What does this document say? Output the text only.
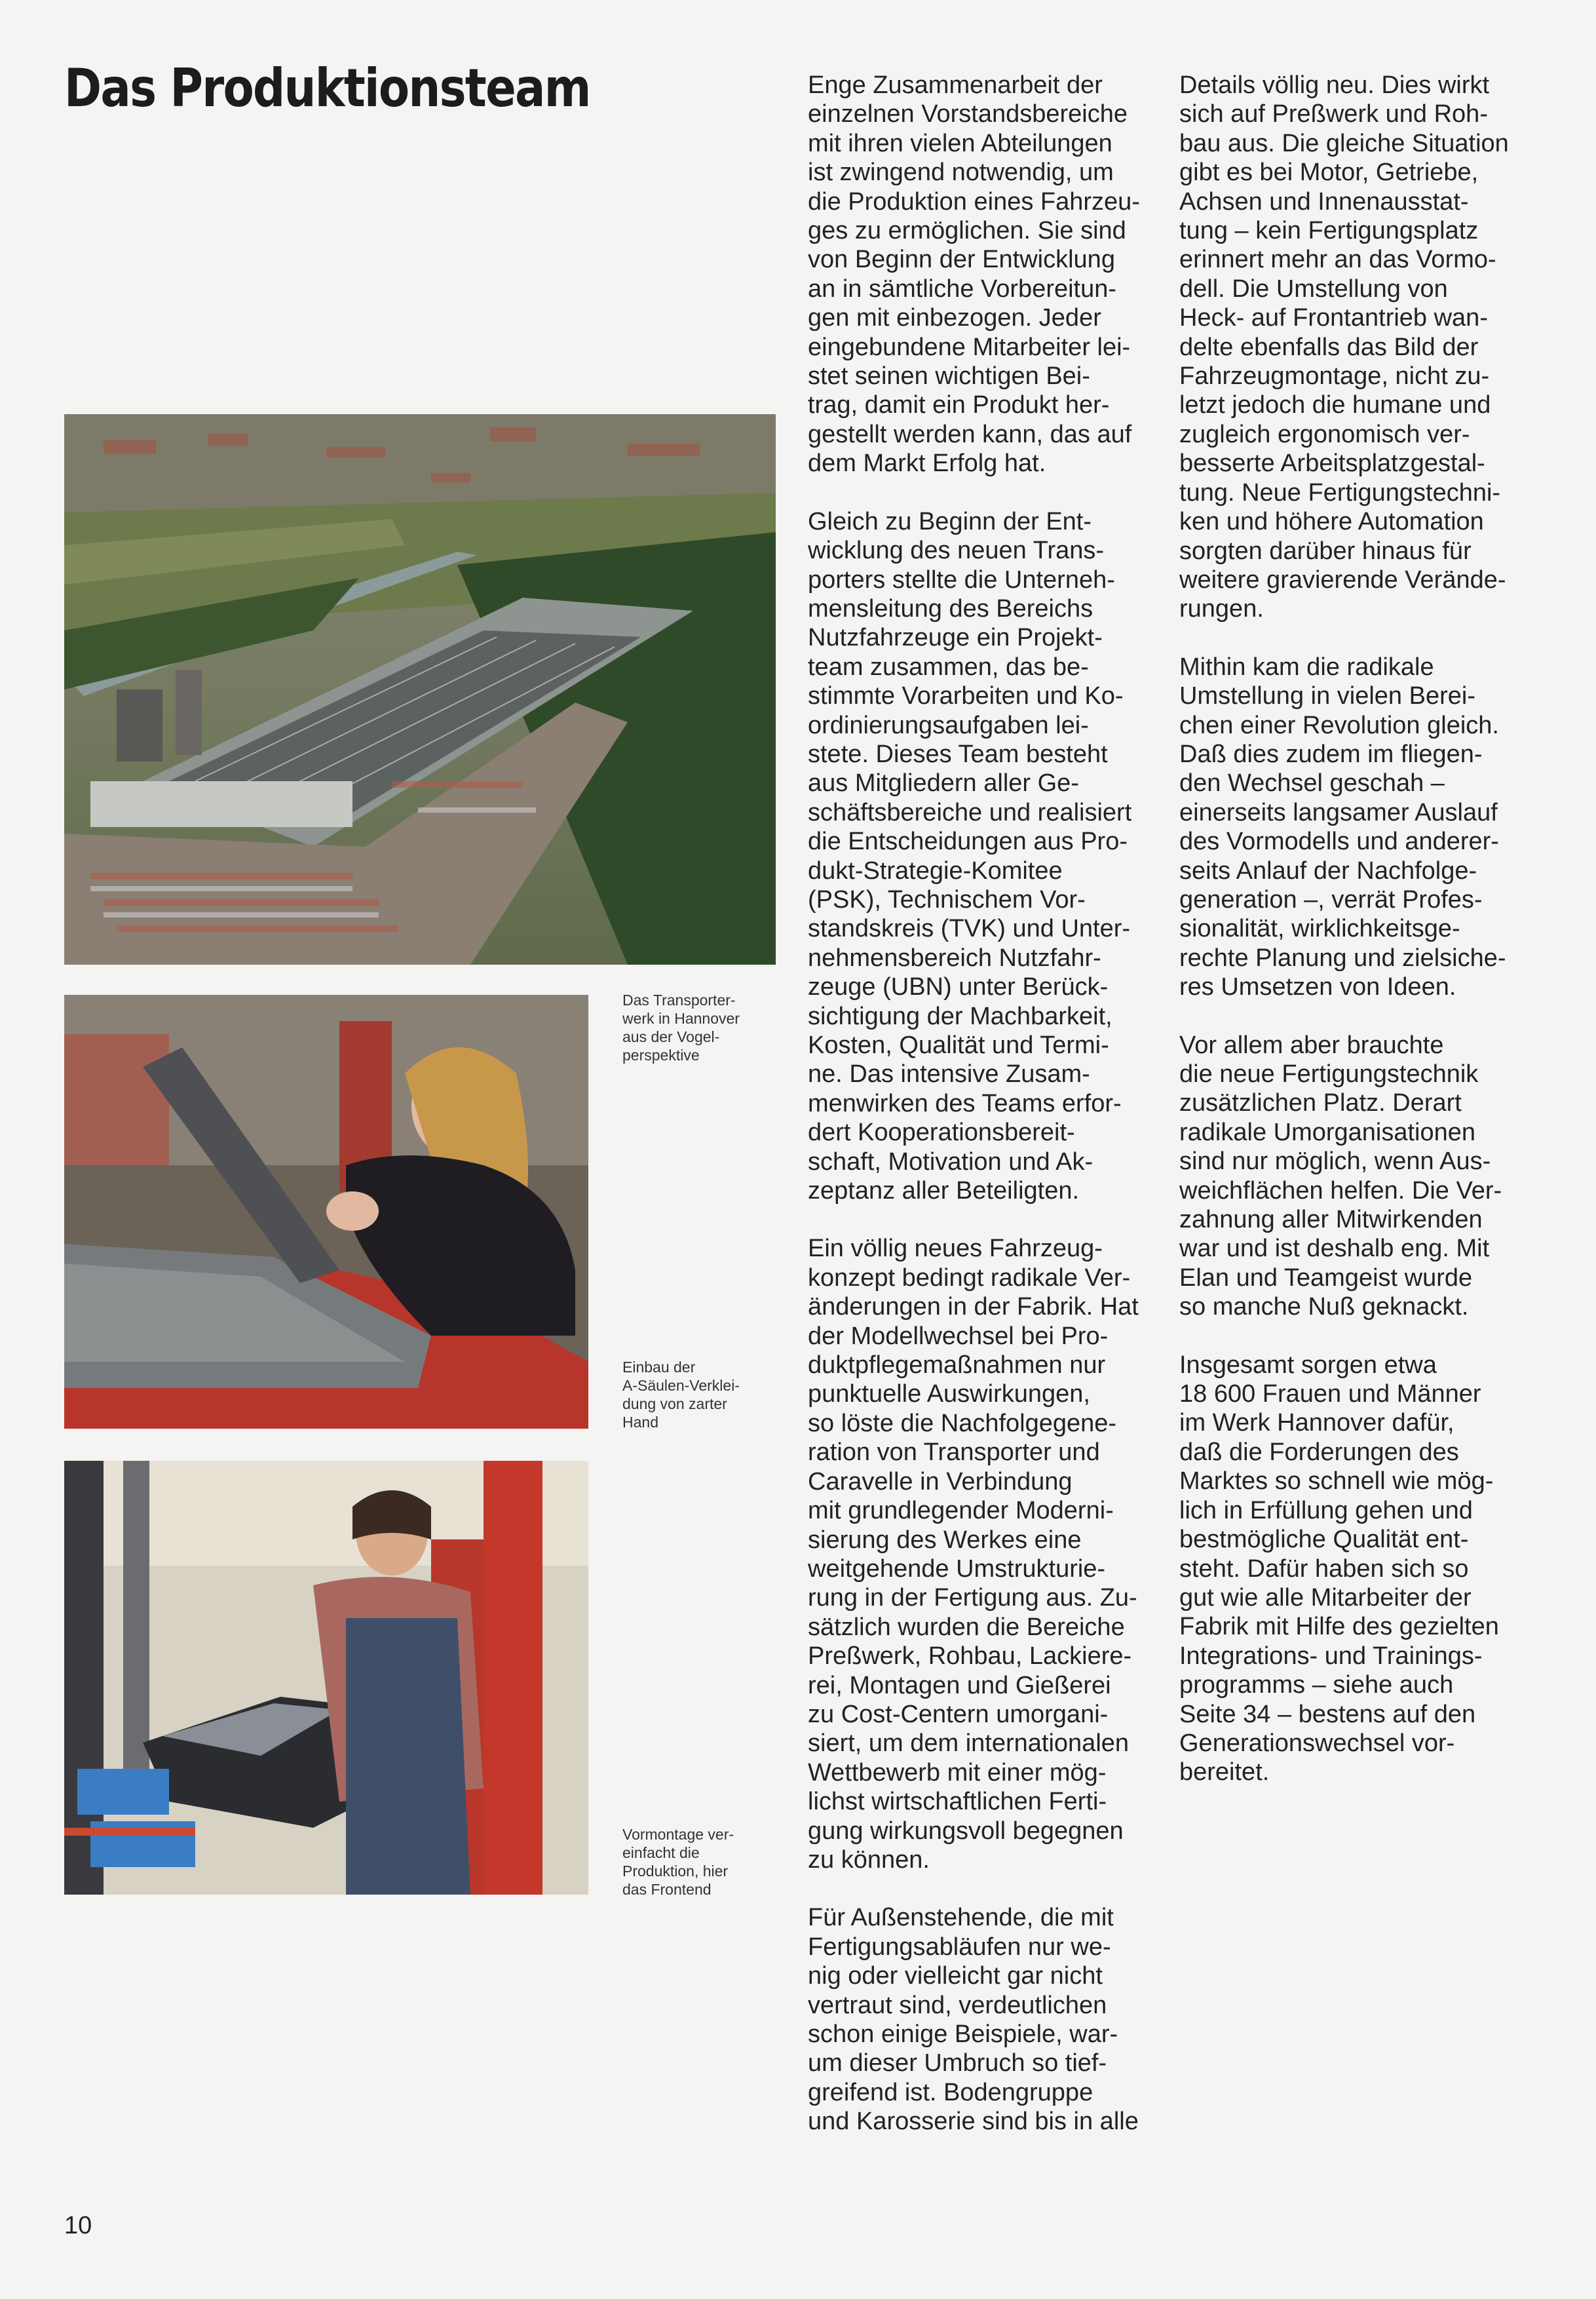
Das Produktionsteam
Das Transporter-
werk in Hannover
aus der Vogel-
perspektive
Einbau der
A-Säulen-Verklei-
dung von zarter
Hand
Vormontage ver-
einfacht die
Produktion, hier
das Frontend

Enge Zusammenarbeit der
einzelnen Vorstandsbereiche
mit ihren vielen Abteilungen
ist zwingend notwendig, um
die Produktion eines Fahrzeu-
ges zu ermöglichen. Sie sind
von Beginn der Entwicklung
an in sämtliche Vorbereitun-
gen mit einbezogen. Jeder
eingebundene Mitarbeiter lei-
stet seinen wichtigen Bei-
trag, damit ein Produkt her-
gestellt werden kann, das auf
dem Markt Erfolg hat.

Gleich zu Beginn der Ent-
wicklung des neuen Trans-
porters stellte die Unterneh-
mensleitung des Bereichs
Nutzfahrzeuge ein Projekt-
team zusammen, das be-
stimmte Vorarbeiten und Ko-
ordinierungsaufgaben lei-
stete. Dieses Team besteht
aus Mitgliedern aller Ge-
schäftsbereiche und realisiert
die Entscheidungen aus Pro-
dukt-Strategie-Komitee
(PSK), Technischem Vor-
standskreis (TVK) und Unter-
nehmensbereich Nutzfahr-
zeuge (UBN) unter Berück-
sichtigung der Machbarkeit,
Kosten, Qualität und Termi-
ne. Das intensive Zusam-
menwirken des Teams erfor-
dert Kooperationsbereit-
schaft, Motivation und Ak-
zeptanz aller Beteiligten.

Ein völlig neues Fahrzeug-
konzept bedingt radikale Ver-
änderungen in der Fabrik. Hat
der Modellwechsel bei Pro-
duktpflegemaßnahmen nur
punktuelle Auswirkungen,
so löste die Nachfolgegene-
ration von Transporter und
Caravelle in Verbindung
mit grundlegender Moderni-
sierung des Werkes eine
weitgehende Umstrukturie-
rung in der Fertigung aus. Zu-
sätzlich wurden die Bereiche
Preßwerk, Rohbau, Lackiere-
rei, Montagen und Gießerei
zu Cost-Centern umorgani-
siert, um dem internationalen
Wettbewerb mit einer mög-
lichst wirtschaftlichen Ferti-
gung wirkungsvoll begegnen
zu können.

Für Außenstehende, die mit
Fertigungsabläufen nur we-
nig oder vielleicht gar nicht
vertraut sind, verdeutlichen
schon einige Beispiele, war-
um dieser Umbruch so tief-
greifend ist. Bodengruppe
und Karosserie sind bis in alle

Details völlig neu. Dies wirkt
sich auf Preßwerk und Roh-
bau aus. Die gleiche Situation
gibt es bei Motor, Getriebe,
Achsen und Innenausstat-
tung – kein Fertigungsplatz
erinnert mehr an das Vormo-
dell. Die Umstellung von
Heck- auf Frontantrieb wan-
delte ebenfalls das Bild der
Fahrzeugmontage, nicht zu-
letzt jedoch die humane und
zugleich ergonomisch ver-
besserte Arbeitsplatzgestal-
tung. Neue Fertigungstechni-
ken und höhere Automation
sorgten darüber hinaus für
weitere gravierende Verände-
rungen.

Mithin kam die radikale
Umstellung in vielen Berei-
chen einer Revolution gleich.
Daß dies zudem im fliegen-
den Wechsel geschah –
einerseits langsamer Auslauf
des Vormodells und anderer-
seits Anlauf der Nachfolge-
generation –, verrät Profes-
sionalität, wirklichkeitsge-
rechte Planung und zielsiche-
res Umsetzen von Ideen.

Vor allem aber brauchte
die neue Fertigungstechnik
zusätzlichen Platz. Derart
radikale Umorganisationen
sind nur möglich, wenn Aus-
weichflächen helfen. Die Ver-
zahnung aller Mitwirkenden
war und ist deshalb eng. Mit
Elan und Teamgeist wurde
so manche Nuß geknackt.

Insgesamt sorgen etwa
18 600 Frauen und Männer
im Werk Hannover dafür,
daß die Forderungen des
Marktes so schnell wie mög-
lich in Erfüllung gehen und
bestmögliche Qualität ent-
steht. Dafür haben sich so
gut wie alle Mitarbeiter der
Fabrik mit Hilfe des gezielten
Integrations- und Trainings-
programms – siehe auch
Seite 34 – bestens auf den
Generationswechsel vor-
bereitet.

10
